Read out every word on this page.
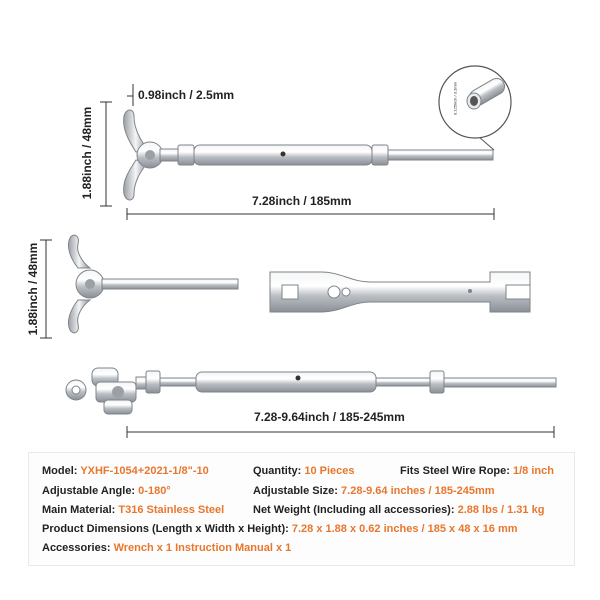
0.98inch / 2.5mm
1.88inch / 48mm
7.28inch / 185mm
1.88inch / 48mm
7.28-9.64inch / 185-245mm
0.125inch / 3.2mm
Model: YXHF-1054+2021-1/8"-10	Quantity: 10 Pieces	Fits Steel Wire Rope: 1/8 inch
Adjustable Angle: 0-180°	Adjustable Size: 7.28-9.64 inches / 185-245mm
Main Material: T316 Stainless Steel	Net Weight (Including all accessories): 2.88 lbs / 1.31 kg
Product Dimensions (Length x Width x Height): 7.28 x 1.88 x 0.62 inches / 185 x 48 x 16 mm
Accessories: Wrench x 1 Instruction Manual x 1
